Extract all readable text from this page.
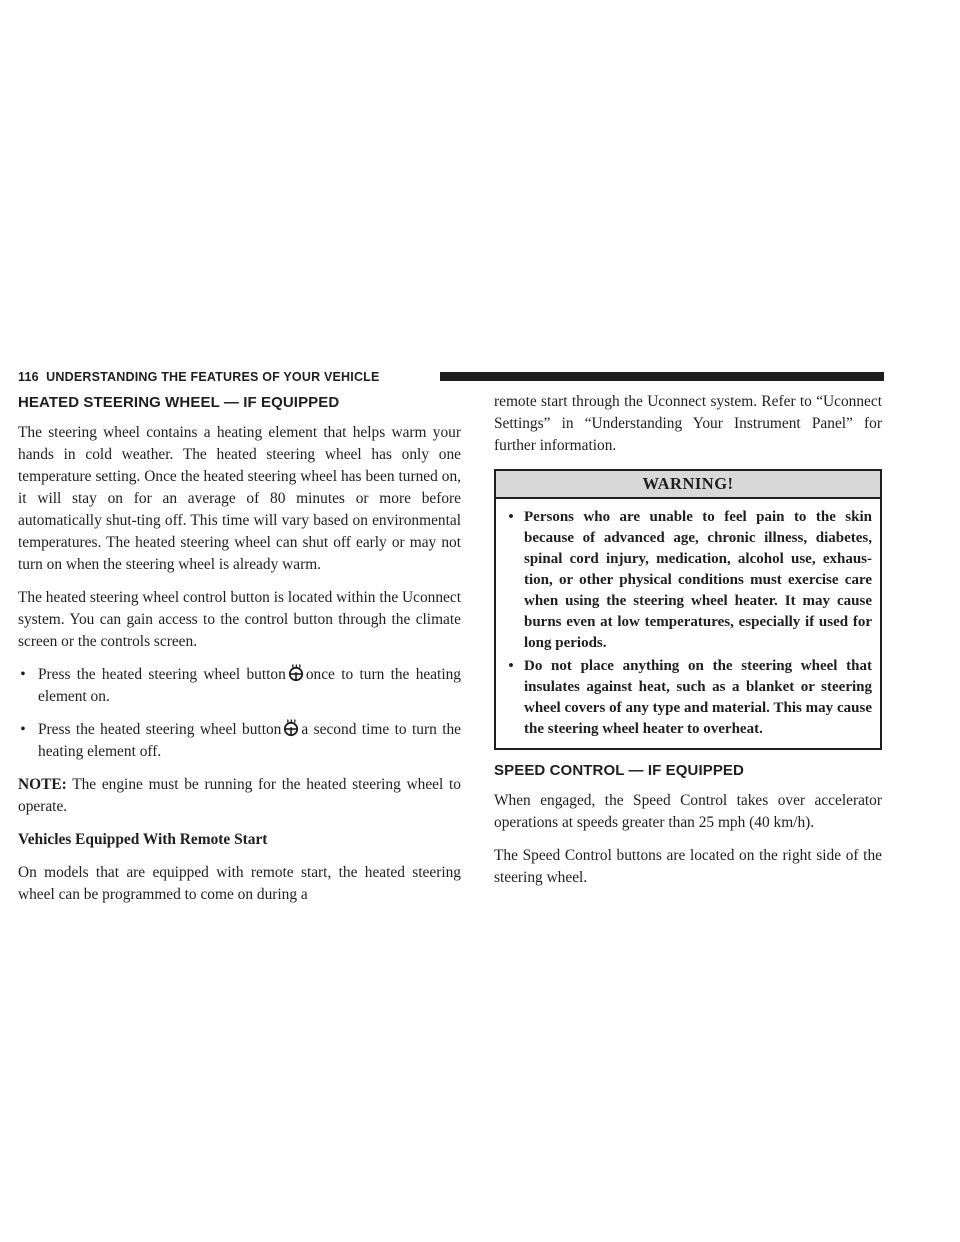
116 UNDERSTANDING THE FEATURES OF YOUR VEHICLE
HEATED STEERING WHEEL — IF EQUIPPED

The steering wheel contains a heating element that helps warm your hands in cold weather. The heated steering wheel has only one temperature setting. Once the heated steering wheel has been turned on, it will stay on for an average of 80 minutes or more before automatically shut-ting off. This time will vary based on environmental temperatures. The heated steering wheel can shut off early or may not turn on when the steering wheel is already warm.

The heated steering wheel control button is located within the Uconnect system. You can gain access to the control button through the climate screen or the controls screen.

• Press the heated steering wheel button once to turn the heating element on.
• Press the heated steering wheel button a second time to turn the heating element off.

NOTE: The engine must be running for the heated steering wheel to operate.

Vehicles Equipped With Remote Start

On models that are equipped with remote start, the heated steering wheel can be programmed to come on during a

remote start through the Uconnect system. Refer to “Uconnect Settings” in “Understanding Your Instrument Panel” for further information.

WARNING!
• Persons who are unable to feel pain to the skin because of advanced age, chronic illness, diabetes, spinal cord injury, medication, alcohol use, exhaus-tion, or other physical conditions must exercise care when using the steering wheel heater. It may cause burns even at low temperatures, especially if used for long periods.
• Do not place anything on the steering wheel that insulates against heat, such as a blanket or steering wheel covers of any type and material. This may cause the steering wheel heater to overheat.
SPEED CONTROL — IF EQUIPPED

When engaged, the Speed Control takes over accelerator operations at speeds greater than 25 mph (40 km/h).

The Speed Control buttons are located on the right side of the steering wheel.
